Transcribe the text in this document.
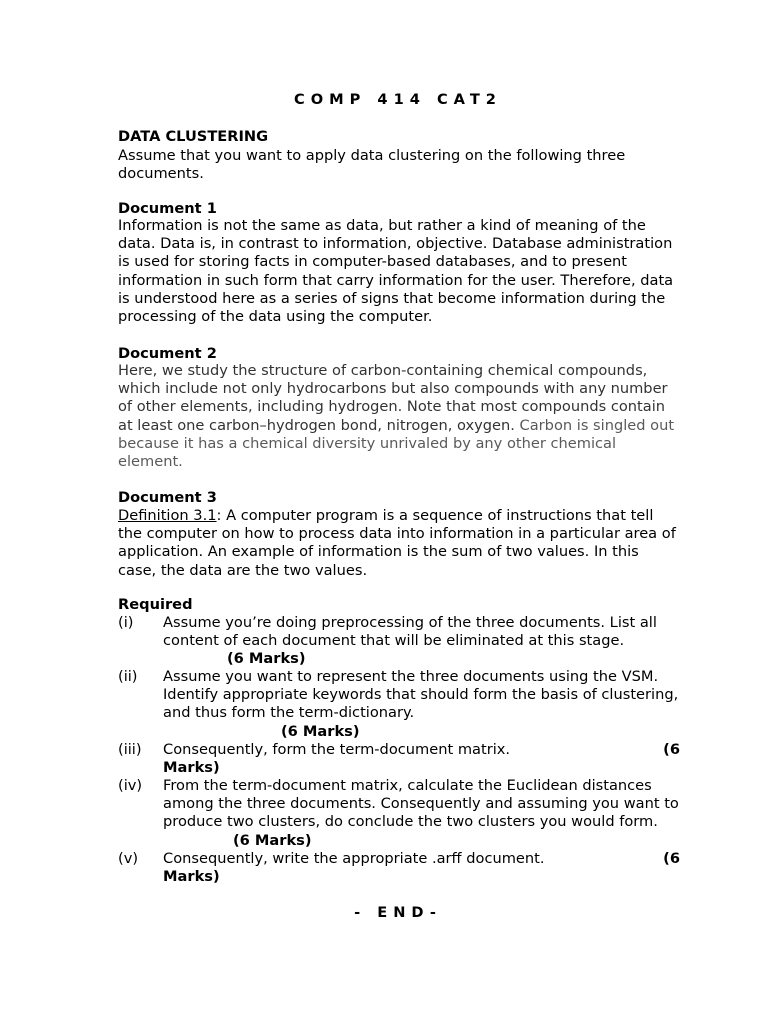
COMP 414 CAT2
DATA CLUSTERING
Assume that you want to apply data clustering on the following three documents.
Document 1
Information is not the same as data, but rather a kind of meaning of the data. Data is, in contrast to information, objective. Database administration is used for storing facts in computer-based databases, and to present information in such form that carry information for the user. Therefore, data is understood here as a series of signs that become information during the processing of the data using the computer.
Document 2
Here, we study the structure of carbon-containing chemical compounds, which include not only hydrocarbons but also compounds with any number of other elements, including hydrogen. Note that most compounds contain at least one carbon–hydrogen bond, nitrogen, oxygen. Carbon is singled out because it has a chemical diversity unrivaled by any other chemical element.
Document 3
Definition 3.1: A computer program is a sequence of instructions that tell the computer on how to process data into information in a particular area of application. An example of information is the sum of two values. In this case, the data are the two values.
Required
(i) Assume you’re doing preprocessing of the three documents. List all content of each document that will be eliminated at this stage.
(6 Marks)
(ii) Assume you want to represent the three documents using the VSM. Identify appropriate keywords that should form the basis of clustering, and thus form the term-dictionary.
(6 Marks)
(iii)	(6
Consequently, form the term-document matrix.
Marks)
(iv) From the term-document matrix, calculate the Euclidean distances among the three documents. Consequently and assuming you want to produce two clusters, do conclude the two clusters you would form. (6 Marks)
(v)	(6
Consequently, write the appropriate .arff document.
Marks)
- END-
